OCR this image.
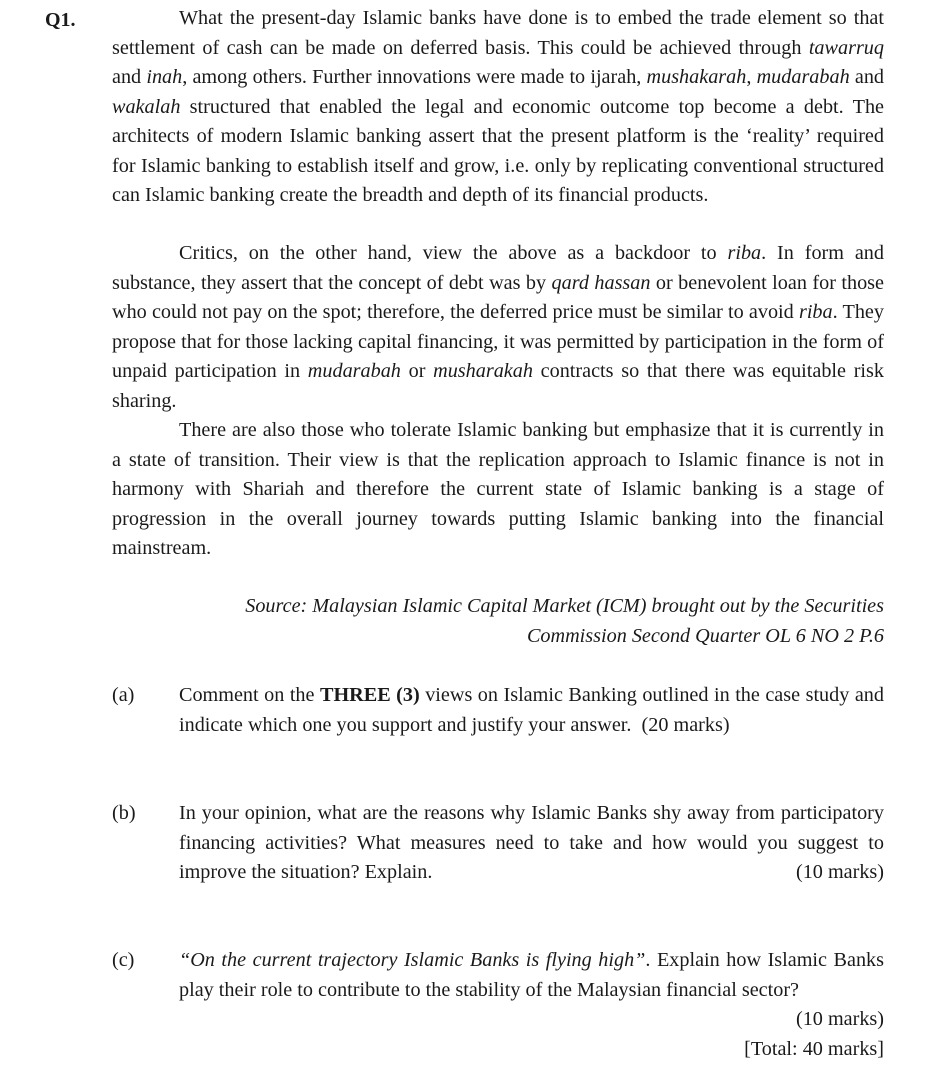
Q1.	What the present-day Islamic banks have done is to embed the trade element so that settlement of cash can be made on deferred basis. This could be achieved through tawarruq and inah, among others. Further innovations were made to ijarah, mushakarah, mudarabah and wakalah structured that enabled the legal and economic outcome top become a debt. The architects of modern Islamic banking assert that the present platform is the ‘reality’ required for Islamic banking to establish itself and grow, i.e. only by replicating conventional structured can Islamic banking create the breadth and depth of its financial products.

Critics, on the other hand, view the above as a backdoor to riba. In form and substance, they assert that the concept of debt was by qard hassan or benevolent loan for those who could not pay on the spot; therefore, the deferred price must be similar to avoid riba. They propose that for those lacking capital financing, it was permitted by participation in the form of unpaid participation in mudarabah or musharakah contracts so that there was equitable risk sharing.

There are also those who tolerate Islamic banking but emphasize that it is currently in a state of transition. Their view is that the replication approach to Islamic finance is not in harmony with Shariah and therefore the current state of Islamic banking is a stage of progression in the overall journey towards putting Islamic banking into the financial mainstream.

Source: Malaysian Islamic Capital Market (ICM) brought out by the Securities
Commission Second Quarter OL 6 NO 2 P.6
(a) Comment on the THREE (3) views on Islamic Banking outlined in the case study and indicate which one you support and justify your answer. (20 marks)
(b) In your opinion, what are the reasons why Islamic Banks shy away from participatory financing activities? What measures need to take and how would you suggest to improve the situation? Explain.	(10 marks)
(c) “On the current trajectory Islamic Banks is flying high”. Explain how Islamic Banks play their role to contribute to the stability of the Malaysian financial sector?
(10 marks)
[Total: 40 marks]
